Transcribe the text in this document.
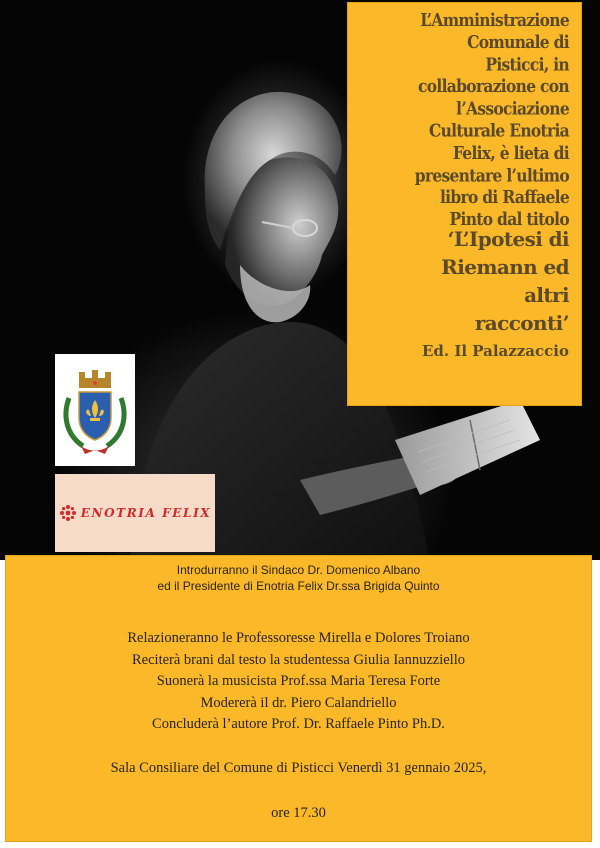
L’Amministrazione
Comunale di
Pisticci, in
collaborazione con
l’Associazione
Culturale Enotria
Felix, è lieta di
presentare l’ultimo
libro di Raffaele
Pinto dal titolo
‘L’Ipotesi di
Riemann ed
altri
racconti’
Ed. Il Palazzaccio
ENOTRIA FELIX

Introdurranno il Sindaco Dr. Domenico Albano

ed il Presidente di Enotria Felix Dr.ssa Brigida Quinto

Relazioneranno le Professoresse Mirella e Dolores Troiano

Reciterà brani dal testo la studentessa Giulia Iannuzziello

Suonerà la musicista Prof.ssa Maria Teresa Forte

Modererà il dr. Piero Calandriello

Concluderà l’autore Prof. Dr. Raffaele Pinto Ph.D.

Sala Consiliare del Comune di Pisticci Venerdì 31 gennaio 2025,

ore 17.30
